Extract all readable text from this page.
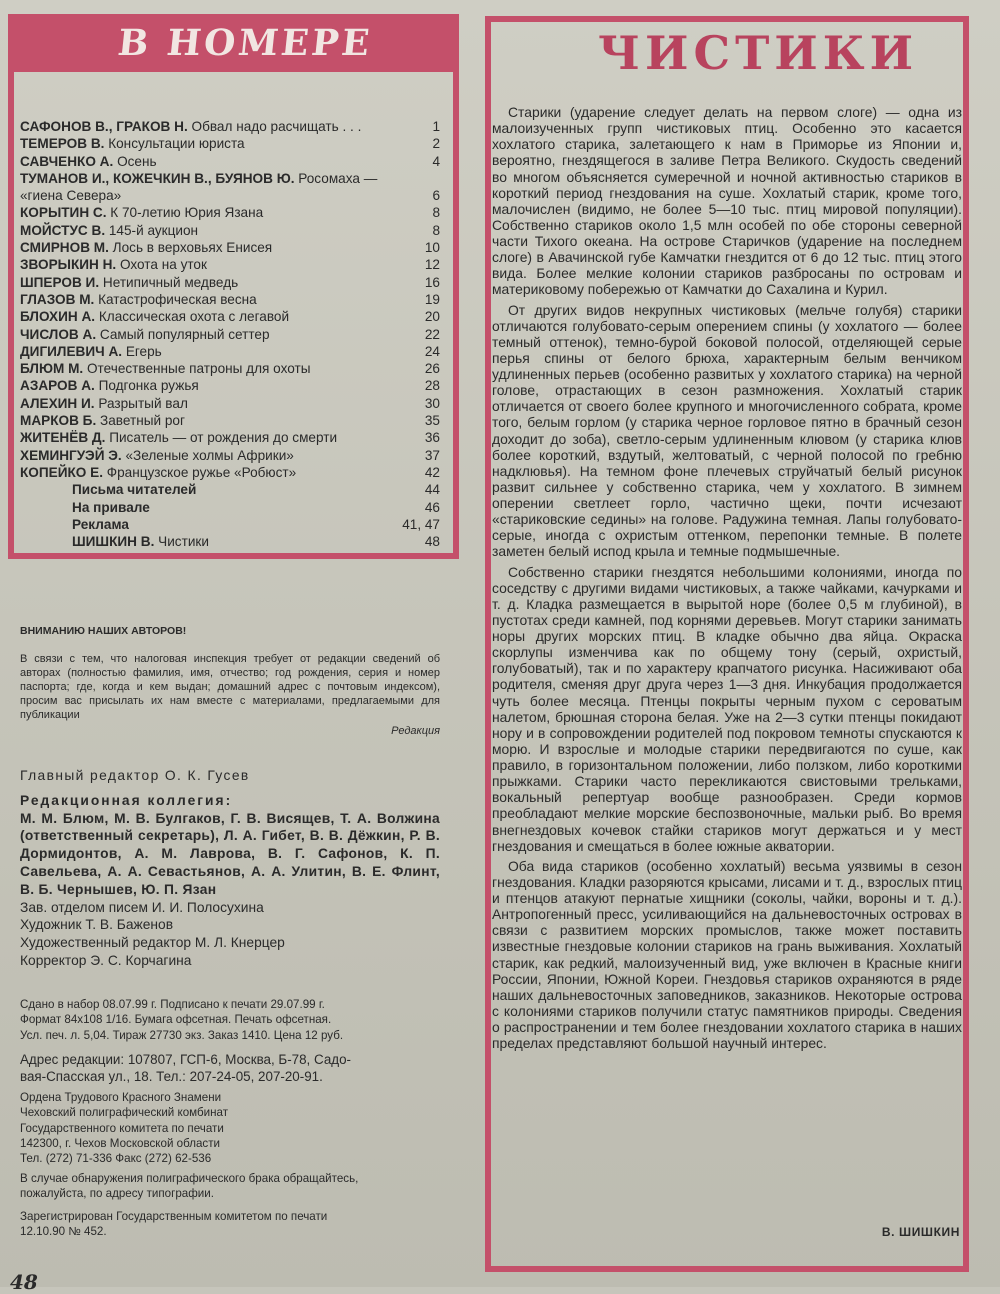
В НОМЕРЕ
САФОНОВ В., ГРАКОВ Н. Обвал надо расчищать . . .	1
ТЕМЕРОВ В. Консультации юриста	2
САВЧЕНКО А. Осень	4
ТУМАНОВ И., КОЖЕЧКИН В., БУЯНОВ Ю. Росомаха —
«гиена Севера»	6
КОРЫТИН С. К 70-летию Юрия Язана	8
МОЙСТУС В. 145-й аукцион	8
СМИРНОВ М. Лось в верховьях Енисея	10
ЗВОРЫКИН Н. Охота на уток	12
ШПЕРОВ И. Нетипичный медведь	16
ГЛАЗОВ М. Катастрофическая весна	19
БЛОХИН А. Классическая охота с легавой	20
ЧИСЛОВ А. Самый популярный сеттер	22
ДИГИЛЕВИЧ А. Егерь	24
БЛЮМ М. Отечественные патроны для охоты	26
АЗАРОВ А. Подгонка ружья	28
АЛЕХИН И. Разрытый вал	30
МАРКОВ Б. Заветный рог	35
ЖИТЕНЁВ Д. Писатель — от рождения до смерти	36
ХЕМИНГУЭЙ Э. «Зеленые холмы Африки»	37
КОПЕЙКО Е. Французское ружье «Робюст»	42
Письма читателей	44
На привале	46
Реклама	41, 47
ШИШКИН В. Чистики	48
ВНИМАНИЮ НАШИХ АВТОРОВ!
В связи с тем, что налоговая инспекция требует от редакции сведений об авторах (полностью фамилия, имя, отчество; год рождения, серия и номер паспорта; где, когда и кем выдан; домашний адрес с почтовым индексом), просим вас присылать их нам вместе с материалами, предлагаемыми для публикации
Редакция
Главный редактор О. К. Гусев
Редакционная коллегия:
М. М. Блюм, М. В. Булгаков, Г. В. Висящев, Т. А. Волжина (ответственный секретарь), Л. А. Гибет, В. В. Дёжкин, Р. В. Дормидонтов, А. М. Лаврова, В. Г. Сафонов, К. П. Савельева, А. А. Севастьянов, А. А. Улитин, В. Е. Флинт, В. Б. Чернышев, Ю. П. Язан
Зав. отделом писем И. И. Полосухина
Художник Т. В. Баженов
Художественный редактор М. Л. Кнерцер
Корректор Э. С. Корчагина
Сдано в набор 08.07.99 г. Подписано к печати 29.07.99 г.
Формат 84х108 1/16. Бумага офсетная. Печать офсетная.
Усл. печ. л. 5,04. Тираж 27730 экз. Заказ 1410. Цена 12 руб.
Адрес редакции: 107807, ГСП-6, Москва, Б-78, Садо-
вая-Спасская ул., 18. Тел.: 207-24-05, 207-20-91.
Ордена Трудового Красного Знамени
Чеховский полиграфический комбинат
Государственного комитета по печати
142300, г. Чехов Московской области
Тел. (272) 71-336 Факс (272) 62-536
В случае обнаружения полиграфического брака обращайтесь,
пожалуйста, по адресу типографии.
Зарегистрирован Государственным комитетом по печати
12.10.90 № 452.
ЧИСТИКИ

Старики (ударение следует делать на первом слоге) — одна из малоизученных групп чистиковых птиц. Особенно это касается хохлатого старика, залетающего к нам в Приморье из Японии и, вероятно, гнездящегося в заливе Петра Великого. Скудость сведений во многом объясняется сумеречной и ночной активностью стариков в короткий период гнездования на суше. Хохлатый старик, кроме того, малочислен (видимо, не более 5—10 тыс. птиц мировой популяции). Собственно стариков около 1,5 млн особей по обе стороны северной части Тихого океана. На острове Старичков (ударение на последнем слоге) в Авачинской губе Камчатки гнездится от 6 до 12 тыс. птиц этого вида. Более мелкие колонии стариков разбросаны по островам и материковому побережью от Камчатки до Сахалина и Курил.

От других видов некрупных чистиковых (мельче голубя) старики отличаются голубовато-серым оперением спины (у хохлатого — более темный оттенок), темно-бурой боковой полосой, отделяющей серые перья спины от белого брюха, характерным белым венчиком удлиненных перьев (особенно развитых у хохлатого старика) на черной голове, отрастающих в сезон размножения. Хохлатый старик отличается от своего более крупного и многочисленного собрата, кроме того, белым горлом (у старика черное горловое пятно в брачный сезон доходит до зоба), светло-серым удлиненным клювом (у старика клюв более короткий, вздутый, желтоватый, с черной полосой по гребню надклювья). На темном фоне плечевых струйчатый белый рисунок развит сильнее у собственно старика, чем у хохлатого. В зимнем оперении светлеет горло, частично щеки, почти исчезают «стариковские седины» на голове. Радужина темная. Лапы голубовато-серые, иногда с охристым оттенком, перепонки темные. В полете заметен белый испод крыла и темные подмышечные.

Собственно старики гнездятся небольшими колониями, иногда по соседству с другими видами чистиковых, а также чайками, качурками и т. д. Кладка размещается в вырытой норе (более 0,5 м глубиной), в пустотах среди камней, под корнями деревьев. Могут старики занимать норы других морских птиц. В кладке обычно два яйца. Окраска скорлупы изменчива как по общему тону (серый, охристый, голубоватый), так и по характеру крапчатого рисунка. Насиживают оба родителя, сменяя друг друга через 1—3 дня. Инкубация продолжается чуть более месяца. Птенцы покрыты черным пухом с сероватым налетом, брюшная сторона белая. Уже на 2—3 сутки птенцы покидают нору и в сопровождении родителей под покровом темноты спускаются к морю. И взрослые и молодые старики передвигаются по суше, как правило, в горизонтальном положении, либо ползком, либо короткими прыжками. Старики часто перекликаются свистовыми трельками, вокальный репертуар вообще разнообразен. Среди кормов преобладают мелкие морские беспозвоночные, мальки рыб. Во время внегнездовых кочевок стайки стариков могут держаться и у мест гнездования и смещаться в более южные акватории.

Оба вида стариков (особенно хохлатый) весьма уязвимы в сезон гнездования. Кладки разоряются крысами, лисами и т. д., взрослых птиц и птенцов атакуют пернатые хищники (соколы, чайки, вороны и т. д.). Антропогенный пресс, усиливающийся на дальневосточных островах в связи с развитием морских промыслов, также может поставить известные гнездовые колонии стариков на грань выживания. Хохлатый старик, как редкий, малоизученный вид, уже включен в Красные книги России, Японии, Южной Кореи. Гнездовья стариков охраняются в ряде наших дальневосточных заповедников, заказников. Некоторые острова с колониями стариков получили статус памятников природы. Сведения о распространении и тем более гнездовании хохлатого старика в наших пределах представляют большой научный интерес.

В. ШИШКИН
48
